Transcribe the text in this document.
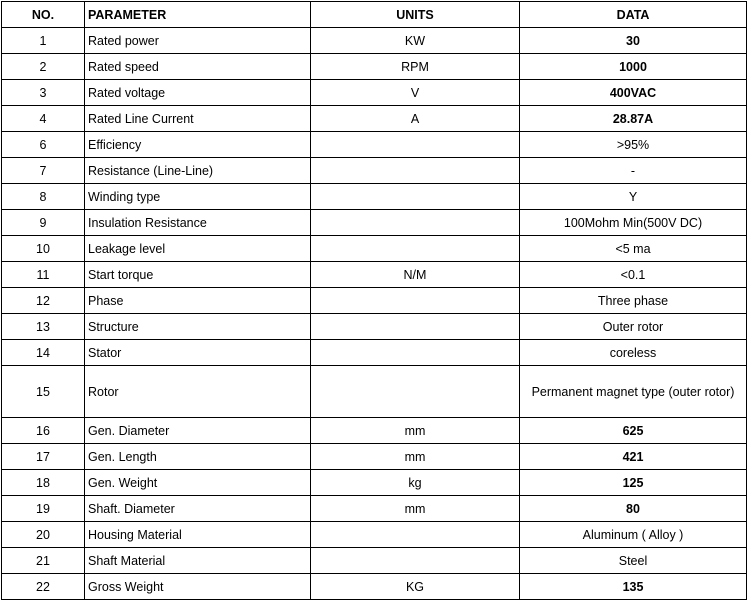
NO.	PARAMETER	UNITS	DATA
1	Rated power	KW	30
2	Rated speed	RPM	1000
3	Rated voltage	V	400VAC
4	Rated Line Current	A	28.87A
6	Efficiency		>95%
7	Resistance (Line-Line)		-
8	Winding type		Y
9	Insulation Resistance		100Mohm Min(500V DC)
10	Leakage level		<5 ma
11	Start torque	N/M	<0.1
12	Phase		Three phase
13	Structure		Outer rotor
14	Stator		coreless
15	Rotor		Permanent magnet type (outer rotor)
16	Gen. Diameter	mm	625
17	Gen. Length	mm	421
18	Gen. Weight	kg	125
19	Shaft. Diameter	mm	80
20	Housing Material		Aluminum ( Alloy )
21	Shaft Material		Steel
22	Gross Weight	KG	135
